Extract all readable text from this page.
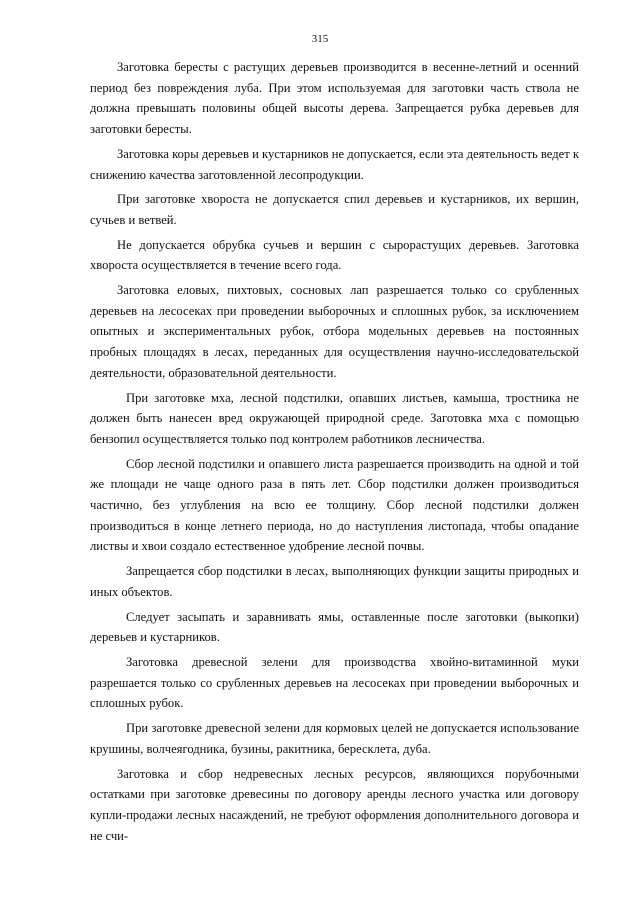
315

Заготовка бересты с растущих деревьев производится в весенне-летний и осенний период без повреждения луба. При этом используемая для заготовки часть ствола не должна превышать половины общей высоты дерева. Запрещается рубка деревьев для заготовки бересты.

Заготовка коры деревьев и кустарников не допускается, если эта деятельность ведет к снижению качества заготовленной лесопродукции.

При заготовке хвороста не допускается спил деревьев и кустарников, их вершин, сучьев и ветвей.

Не допускается обрубка сучьев и вершин с сырорастущих деревьев. Заготовка хвороста осуществляется в течение всего года.

Заготовка еловых, пихтовых, сосновых лап разрешается только со срубленных деревьев на лесосеках при проведении выборочных и сплошных рубок, за исключением опытных и экспериментальных рубок, отбора модельных деревьев на постоянных пробных площадях в лесах, переданных для осуществления научно-исследовательской деятельности, образовательной деятельности.

При заготовке мха, лесной подстилки, опавших листьев, камыша, тростника не должен быть нанесен вред окружающей природной среде. Заготовка мха с помощью бензопил осуществляется только под контролем работников лесничества.

Сбор лесной подстилки и опавшего листа разрешается производить на одной и той же площади не чаще одного раза в пять лет. Сбор подстилки должен производиться частично, без углубления на всю ее толщину. Сбор лесной подстилки должен производиться в конце летнего периода, но до наступления листопада, чтобы опадание листвы и хвои создало естественное удобрение лесной почвы.

Запрещается сбор подстилки в лесах, выполняющих функции защиты природных и иных объектов.

Следует засыпать и заравнивать ямы, оставленные после заготовки (выкопки) деревьев и кустарников.

Заготовка древесной зелени для производства хвойно-витаминной муки разрешается только со срубленных деревьев на лесосеках при проведении выборочных и сплошных рубок.

При заготовке древесной зелени для кормовых целей не допускается использование крушины, волчеягодника, бузины, ракитника, бересклета, дуба.

Заготовка и сбор недревесных лесных ресурсов, являющихся порубочными остатками при заготовке древесины по договору аренды лесного участка или договору купли-продажи лесных насаждений, не требуют оформления дополнительного договора и не счи-
